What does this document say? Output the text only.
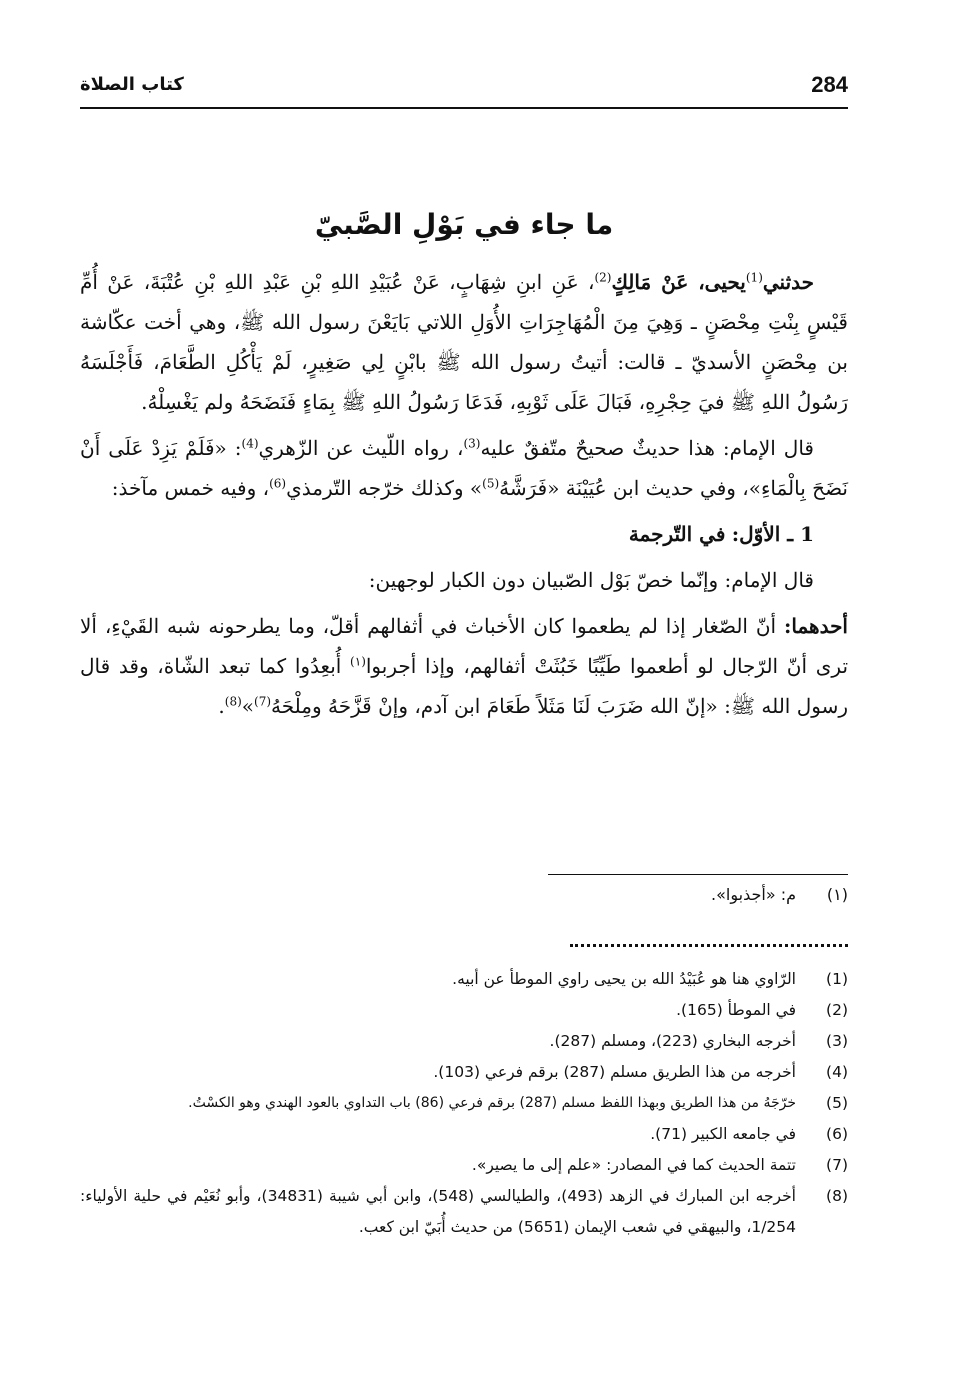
284
كتاب الصلاة
ما جاء في بَوْلِ الصَّبيّ

حدثني$^{(1)}$يحيى، عَنْ مَالِكٍ$^{(2)}$، عَنِ ابنِ شِهَابٍ، عَنْ عُبَيْدِ اللهِ بْنِ عَبْدِ اللهِ بْنِ عُتْبَةَ، عَنْ أُمِّ قَيْسٍ بِنْتِ مِحْصَنٍ ـ وَهِيَ مِنَ الْمُهَاجِرَاتِ الأُوَلِ اللاتي بَايَعْنَ رسول الله ﷺ، وهي أخت عكّاشة بن مِحْصَنٍ الأسديّ ـ قالت: أتيتُ رسول الله ﷺ بابْنٍ لِي صَغِيرٍ، لَمْ يَأْكُلِ الطَّعَامَ، فَأَجْلَسَهُ رَسُولُ اللهِ ﷺ فيَ حِجْرِهِ، فَبَالَ عَلَى ثَوْبِهِ، فَدَعَا رَسُولُ اللهِ ﷺ بِمَاءٍ فَنَضَحَهُ ولم يَغْسِلْهُ.

قال الإمام: هذا حديثٌ صحيحٌ متّفقٌ عليه$^{(3)}$، رواه اللّيث عن الزّهري$^{(4)}$: «فَلَمْ يَزِدْ عَلَى أَنْ نَضَحَ بِالْمَاءِ»، وفي حديث ابن عُيَيْنَة «فَرَشَّهُ$^{(5)}$» وكذلك خرّجه التّرمذي$^{(6)}$، وفيه خمس مآخذ:

1 ـ الأوّل: في التّرجمة

قال الإمام: وإنّما خصّ بَوْل الصّبيان دون الكبار لوجهين:

أحدهما: أنّ الصّغار إذا لم يطعموا كان الأخباث في أثفالهم أقلّ، وما يطرحونه شبه القَيْءِ، ألا ترى أنّ الرّجال لو أطعموا طَيِّبًا خَبُثَتْ أثفالهم، وإذا أجربوا$^{(١)}$ أُبعِدُوا كما تبعد الشّاة، وقد قال رسول الله ﷺ: «إنّ الله ضَرَبَ لَنَا مَثَلاً طَعَامَ ابن آدم، وإنْ قَزَّحَهُ ومِلْحَهُ$^{(7)}$»$^{(8)}$.

(١)
م: «أجذبوا».
(1)
الرّاوي هنا هو عُبَيْدُ الله بن يحيى راوي الموطأ عن أبيه.
(2)
في الموطأ (165).
(3)
أخرجه البخاري (223)، ومسلم (287).
(4)
أخرجه من هذا الطريق مسلم (287) برقم فرعي (103).
(5)
خرّجَهُ من هذا الطريق وبهذا اللفظ مسلم (287) برقم فرعي (86) باب التداوي بالعود الهندي وهو الكسْتُ.
(6)
في جامعه الكبير (71).
(7)
تتمة الحديث كما في المصادر: «علم إلى ما يصير».
(8)
أخرجه ابن المبارك في الزهد (493)، والطيالسي (548)، وابن أبي شيبة (34831)، وأبو نُعَيْم في حلية الأولياء: 1/254، والبيهقي في شعب الإيمان (5651) من حديث أُبَيّ ابن كعب.
